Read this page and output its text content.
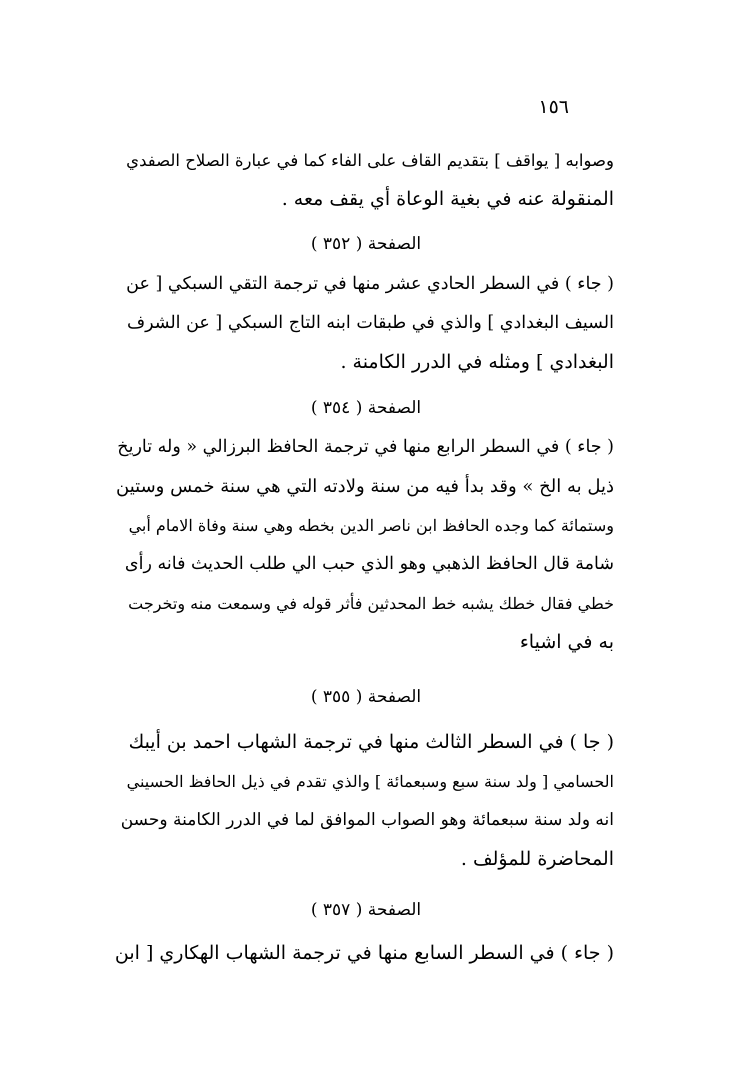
١٥٦
وصوابه [ يواقف ] بتقديم القاف على الفاء كما في عبارة الصلاح الصفدي
المنقولة عنه في بغية الوعاة أي يقف معه .
الصفحة ( ٣٥٢ )
( جاء ) في السطر الحادي عشر منها في ترجمة التقي السبكي [ عن
السيف البغدادي ] والذي في طبقات ابنه التاج السبكي [ عن الشرف
البغدادي ] ومثله في الدرر الكامنة .
الصفحة ( ٣٥٤ )
( جاء ) في السطر الرابع منها في ترجمة الحافظ البرزالي « وله تاريخ
ذيل به الخ » وقد بدأ فيه من سنة ولادته التي هي سنة خمس وستين
وستمائة كما وجده الحافظ ابن ناصر الدين بخطه وهي سنة وفاة الامام أبي
شامة قال الحافظ الذهبي وهو الذي حبب الي طلب الحديث فانه رأى
خطي فقال خطك يشبه خط المحدثين فأثر قوله في وسمعت منه وتخرجت
به في اشياء
الصفحة ( ٣٥٥ )
( جا ) في السطر الثالث منها في ترجمة الشهاب احمد بن أيبك
الحسامي [ ولد سنة سبع وسبعمائة ] والذي تقدم في ذيل الحافظ الحسيني
انه ولد سنة سبعمائة وهو الصواب الموافق لما في الدرر الكامنة وحسن
المحاضرة للمؤلف .
الصفحة ( ٣٥٧ )
( جاء ) في السطر السابع منها في ترجمة الشهاب الهكاري [ ابن
